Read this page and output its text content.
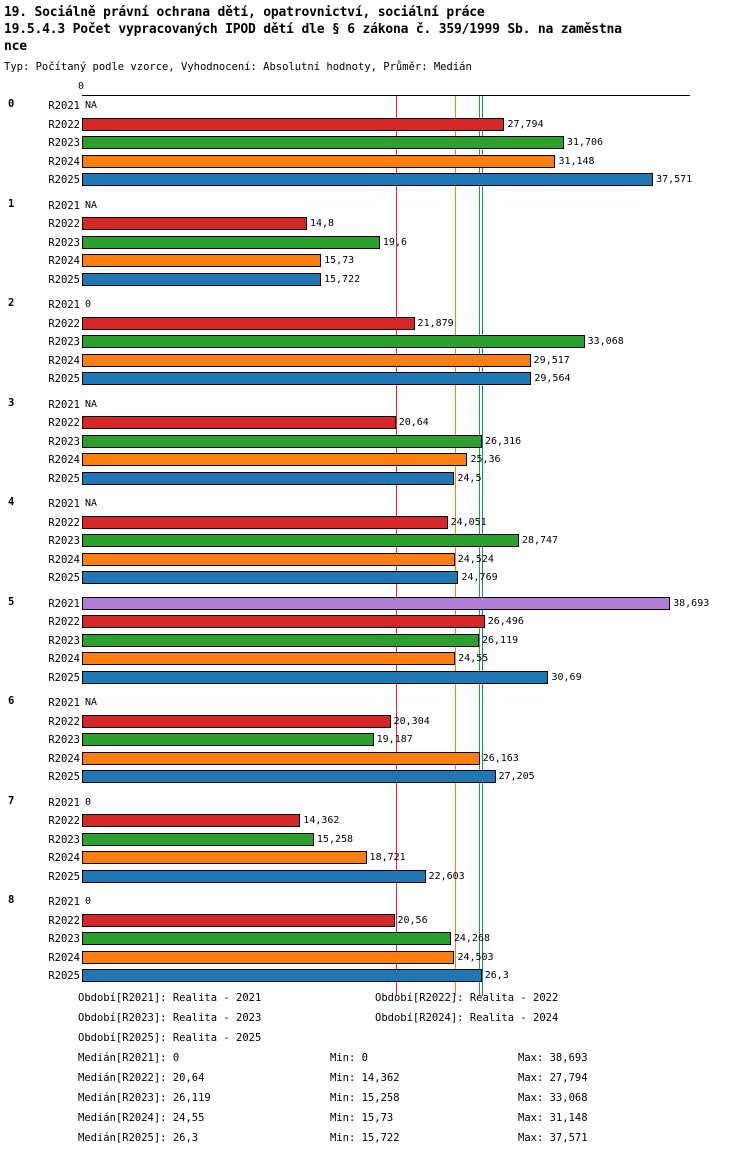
19. Sociálně právní ochrana dětí, opatrovnictví, sociální práce
19.5.4.3 Počet vypracovaných IPOD dětí dle § 6 zákona č. 359/1999 Sb. na zaměstna
nce
Typ: Počítaný podle vzorce, Vyhodnocení: Absolutní hodnoty, Průměr: Medián
0
0	R2021 NA
R2022	27,794
R2023	31,706
R2024	31,148
R2025	37,571
1	R2021 NA
R2022	14,8
R2023	19,6
R2024	15,73
R2025	15,722
2	R2021 0
R2022	21,879
R2023	33,068
R2024	29,517
R2025	29,564
3	R2021 NA
R2022	20,64
R2023	26,316
R2024	25,36
R2025	24,5
4	R2021 NA
R2022	24,051
R2023	28,747
R2024	24,524
R2025	24,769
5	R2021	38,693
R2022	26,496
R2023	26,119
R2024	24,55
R2025	30,69
6	R2021 NA
R2022	20,304
R2023	19,187
R2024	26,163
R2025	27,205
7	R2021 0
R2022	14,362
R2023	15,258
R2024	18,721
R2025	22,603
8	R2021 0
R2022	20,56
R2023	24,268
R2024	24,503
R2025	26,3
Období[R2021]: Realita - 2021	Období[R2022]: Realita - 2022
Období[R2023]: Realita - 2023	Období[R2024]: Realita - 2024
Období[R2025]: Realita - 2025
Medián[R2021]: 0	Min: 0	Max: 38,693
Medián[R2022]: 20,64	Min: 14,362	Max: 27,794
Medián[R2023]: 26,119	Min: 15,258	Max: 33,068
Medián[R2024]: 24,55	Min: 15,73	Max: 31,148
Medián[R2025]: 26,3	Min: 15,722	Max: 37,571
